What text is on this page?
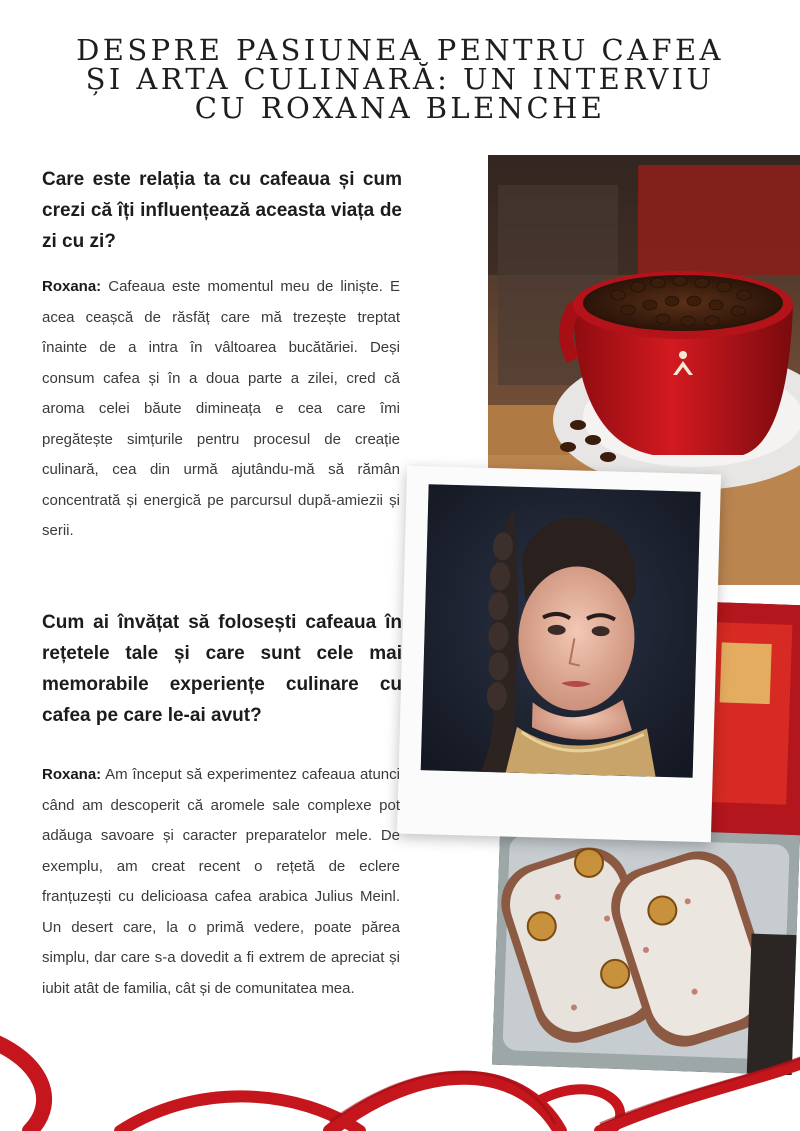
DESPRE PASIUNEA PENTRU CAFEA ȘI ARTA CULINARĂ: UN INTERVIU CU ROXANA BLENCHE

Care este relația ta cu cafeaua și cum crezi că îți influențează aceasta viața de zi cu zi?

Roxana: Cafeaua este momentul meu de liniște. E acea ceașcă de răsfăț care mă trezește treptat înainte de a intra în vâltoarea bucătăriei. Deși consum cafea și în a doua parte a zilei, cred că aroma celei băute dimineața e cea care îmi pregătește simțurile pentru procesul de creație culinară, cea din urmă ajutându-mă să rămân concentrată și energică pe parcursul după-amiezii și serii.

Cum ai învățat să folosești cafeaua în rețetele tale și care sunt cele mai memorabile experiențe culinare cu cafea pe care le-ai avut?

Roxana: Am început să experimentez cafeaua atunci când am descoperit că aromele sale complexe pot adăuga savoare și caracter preparatelor mele. De exemplu, am creat recent o rețetă de eclere franțuzești cu delicioasa cafea arabica Julius Meinl. Un desert care, la o primă vedere, poate părea simplu, dar care s-a dovedit a fi extrem de apreciat și iubit atât de familia, cât și de comunitatea mea.
